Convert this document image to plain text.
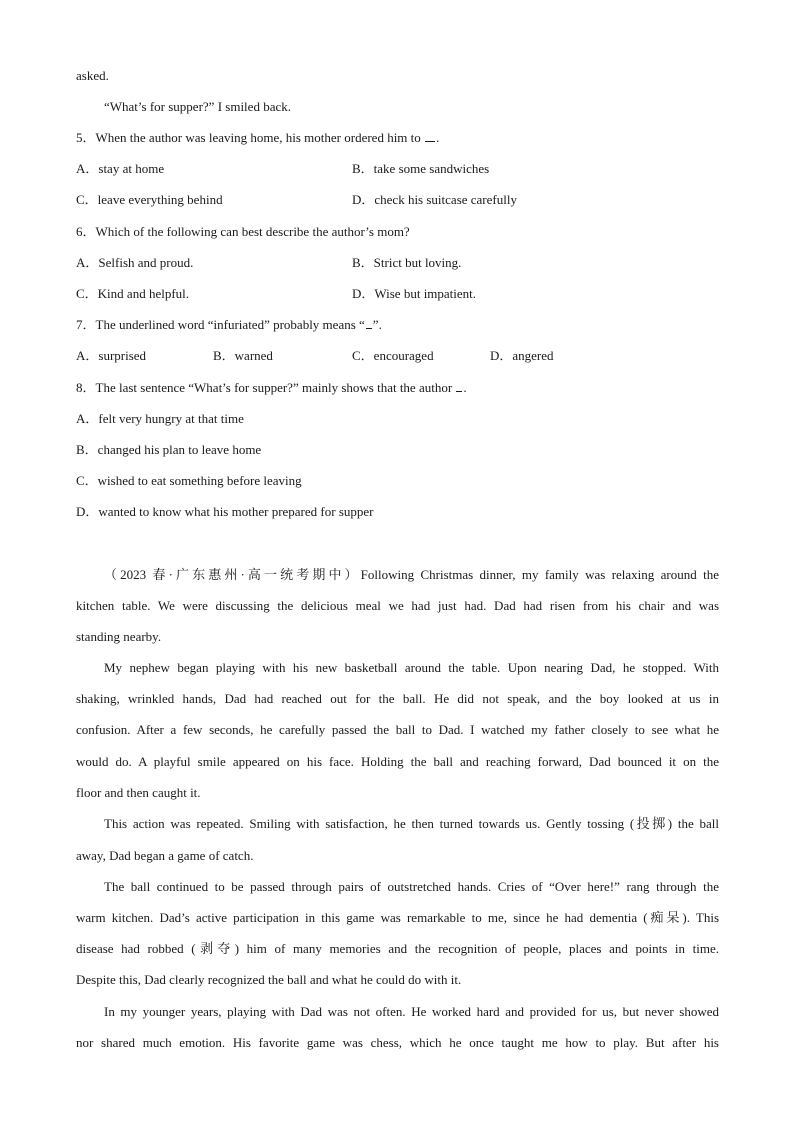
asked.
“What’s for supper?” I smiled back.
5．When the author was leaving home, his mother ordered him to .
A．stay at home	B．take some sandwiches
C．leave everything behind	D．check his suitcase carefully
6．Which of the following can best describe the author’s mom?
A．Selfish and proud.	B．Strict but loving.
C．Kind and helpful.	D．Wise but impatient.
7．The underlined word “infuriated” probably means “ ”.
A．surprised	B．warned	C．encouraged	D．angered
8．The last sentence “What’s for supper?” mainly shows that the author .
A．felt very hungry at that time
B．changed his plan to leave home
C．wished to eat something before leaving
D．wanted to know what his mother prepared for supper
（2023 春·广东惠州·高一统考期中）Following Christmas dinner, my family was relaxing around the
kitchen table. We were discussing the delicious meal we had just had. Dad had risen from his chair and was
standing nearby.
My nephew began playing with his new basketball around the table. Upon nearing Dad, he stopped. With
shaking, wrinkled hands, Dad had reached out for the ball. He did not speak, and the boy looked at us in
confusion. After a few seconds, he carefully passed the ball to Dad. I watched my father closely to see what he
would do. A playful smile appeared on his face. Holding the ball and reaching forward, Dad bounced it on the
floor and then caught it.
This action was repeated. Smiling with satisfaction, he then turned towards us. Gently tossing (投掷) the ball
away, Dad began a game of catch.
The ball continued to be passed through pairs of outstretched hands. Cries of “Over here!” rang through the
warm kitchen. Dad’s active participation in this game was remarkable to me, since he had dementia (痴呆). This
disease had robbed (剥夺) him of many memories and the recognition of people, places and points in time.
Despite this, Dad clearly recognized the ball and what he could do with it.
In my younger years, playing with Dad was not often. He worked hard and provided for us, but never showed
nor shared much emotion. His favorite game was chess, which he once taught me how to play. But after his
